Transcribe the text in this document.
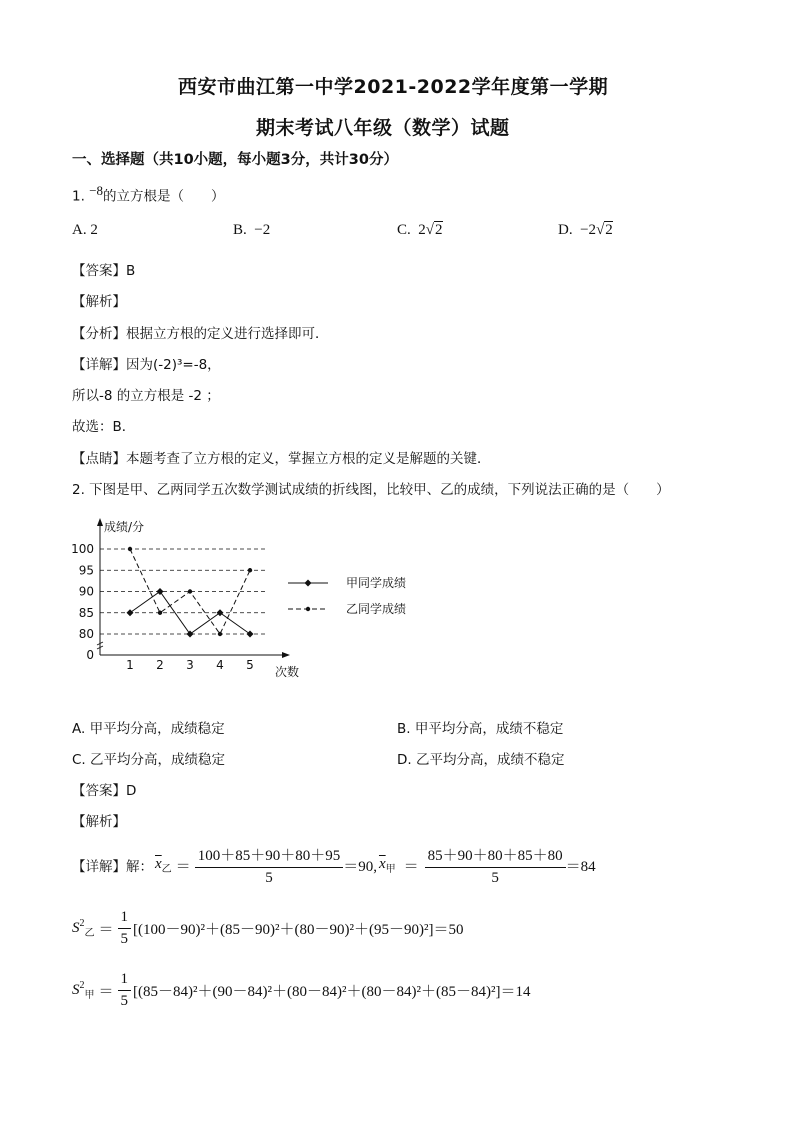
西安市曲江第一中学2021-2022学年度第一学期
期末考试八年级（数学）试题
一、选择题（共10小题，每小题3分，共计30分）
1. $^{-8}$的立方根是（　　）
A. 2	B. −2	C. 2√2	D. −2√2
【答案】B
【解析】
【分析】根据立方根的定义进行选择即可．
【详解】因为(-2)³=-8，
所以-8 的立方根是 -2 ；
故选：B．
【点睛】本题考查了立方根的定义，掌握立方根的定义是解题的关键．
2. 下图是甲、乙两同学五次数学测试成绩的折线图，比较甲、乙的成绩，下列说法正确的是（　　）
成绩/分
次数
0
80
85
90
95
100
1 2 3 4 5
甲同学成绩
乙同学成绩
A. 甲平均分高，成绩稳定	B. 甲平均分高，成绩不稳定
C. 乙平均分高，成绩稳定	D. 乙平均分高，成绩不稳定
【答案】D
【解析】
【详解】解： $\overline{x}_乙 = \frac{100+85+90+80+95}{5} =90$, $\overline{x}_甲 = \frac{85+90+80+85+80}{5} =84$
$S^2_乙 = \frac{1}{5} [(100-90)^2+(85-90)^2+(80-90)^2+(95-90)^2]=50$
$S^2_甲 = \frac{1}{5} [(85-84)^2+(90-84)^2+(80-84)^2+(80-84)^2+(85-84)^2]=14$
